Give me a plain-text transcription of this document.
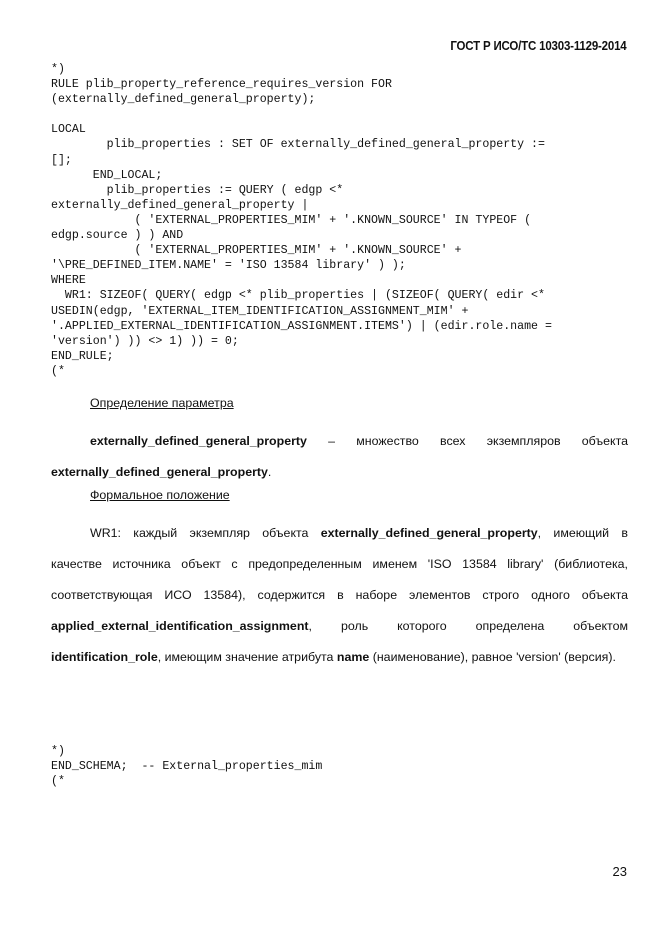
ГОСТ Р ИСО/ТС 10303-1129-2014
*)
RULE plib_property_reference_requires_version FOR
(externally_defined_general_property);

LOCAL
plib_properties : SET OF externally_defined_general_property :=
[];
END_LOCAL;
plib_properties := QUERY ( edgp <*
externally_defined_general_property |
( 'EXTERNAL_PROPERTIES_MIM' + '.KNOWN_SOURCE' IN TYPEOF (
edgp.source ) ) AND
( 'EXTERNAL_PROPERTIES_MIM' + '.KNOWN_SOURCE' +
'\PRE_DEFINED_ITEM.NAME' = 'ISO 13584 library' ) );
WHERE
WR1: SIZEOF( QUERY( edgp <* plib_properties | (SIZEOF( QUERY( edir <*
USEDIN(edgp, 'EXTERNAL_ITEM_IDENTIFICATION_ASSIGNMENT_MIM' +
'.APPLIED_EXTERNAL_IDENTIFICATION_ASSIGNMENT.ITEMS') | (edir.role.name =
'version') )) <> 1) )) = 0;
END_RULE;
(*
Определение параметра

externally_defined_general_property – множество всех экземпляров объекта externally_defined_general_property.

Формальное положение

WR1: каждый экземпляр объекта externally_defined_general_property, имеющий в качестве источника объект с предопределенным именем 'ISO 13584 library' (библиотека, соответствующая ИСО 13584), содержится в наборе элементов строго одного объекта applied_external_identification_assignment, роль которого определена объектом identification_role, имеющим значение атрибута name (наименование), равное 'version' (версия).

*)
END_SCHEMA;  -- External_properties_mim
(*
23
